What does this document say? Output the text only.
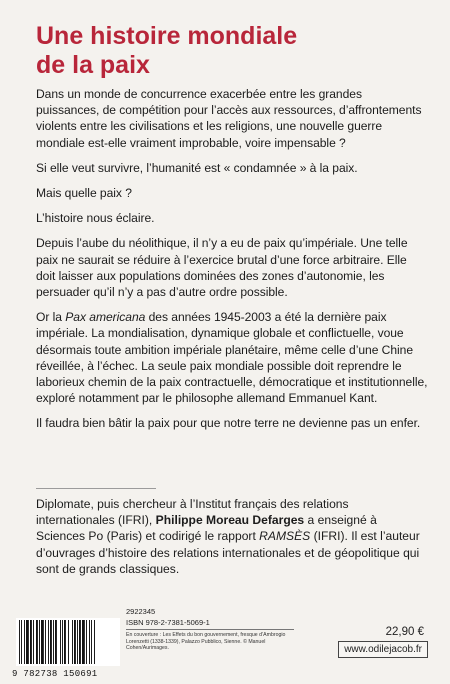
Une histoire mondiale
de la paix

Dans un monde de concurrence exacerbée entre les grandes puissances, de compétition pour l’accès aux ressources, d’affrontements violents entre les civilisations et les religions, une nouvelle guerre mondiale est-elle vraiment improbable, voire impensable ?

Si elle veut survivre, l’humanité est « condamnée » à la paix.

Mais quelle paix ?

L’histoire nous éclaire.

Depuis l’aube du néolithique, il n’y a eu de paix qu’impériale. Une telle paix ne saurait se réduire à l’exercice brutal d’une force arbitraire. Elle doit laisser aux populations dominées des zones d’autonomie, les persuader qu’il n’y a pas d’autre ordre possible.

Or la Pax americana des années 1945-2003 a été la dernière paix impériale. La mondialisation, dynamique globale et conflictuelle, voue désormais toute ambition impériale planétaire, même celle d’une Chine réveillée, à l’échec. La seule paix mondiale possible doit reprendre le laborieux chemin de la paix contractuelle, démocratique et institutionnelle, exploré notamment par le philosophe allemand Emmanuel Kant.

Il faudra bien bâtir la paix pour que notre terre ne devienne pas un enfer.

Diplomate, puis chercheur à l’Institut français des relations internationales (IFRI), Philippe Moreau Defarges a enseigné à Sciences Po (Paris) et codirigé le rapport RAMSÈS (IFRI). Il est l’auteur d’ouvrages d’histoire des relations internationales et de géopolitique qui sont de grands classiques.
2922345
9 782738 150691
ISBN 978-2-7381-5069-1
En couverture : Les Effets du bon gouvernement, fresque d’Ambrogio Lorenzetti (1338-1339), Palazzo Pubblico, Sienne. © Manuel Cohen/Aurimages.
22,90 €
www.odilejacob.fr
